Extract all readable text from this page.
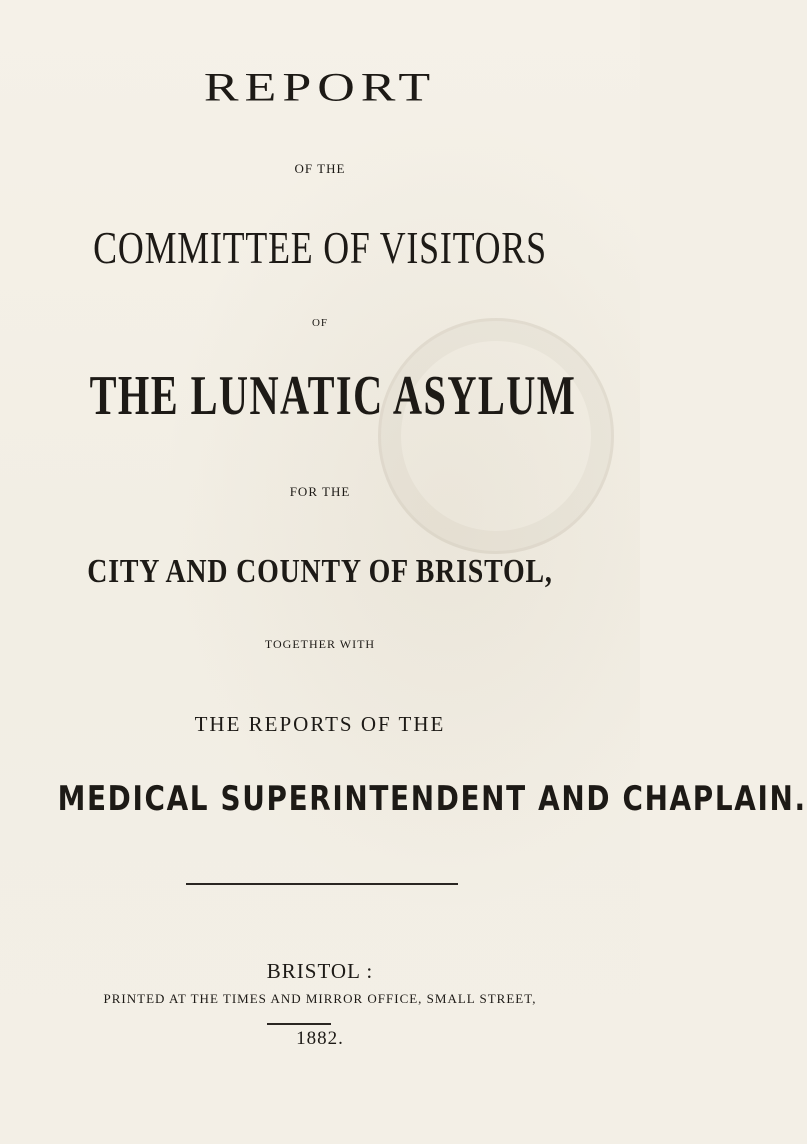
REPORT
OF THE
COMMITTEE OF VISITORS
OF
THE LUNATIC ASYLUM
FOR THE
CITY AND COUNTY OF BRISTOL,
TOGETHER WITH
THE REPORTS OF THE
MEDICAL SUPERINTENDENT AND CHAPLAIN.
BRISTOL :
PRINTED AT THE TIMES AND MIRROR OFFICE, SMALL STREET,
1882.
